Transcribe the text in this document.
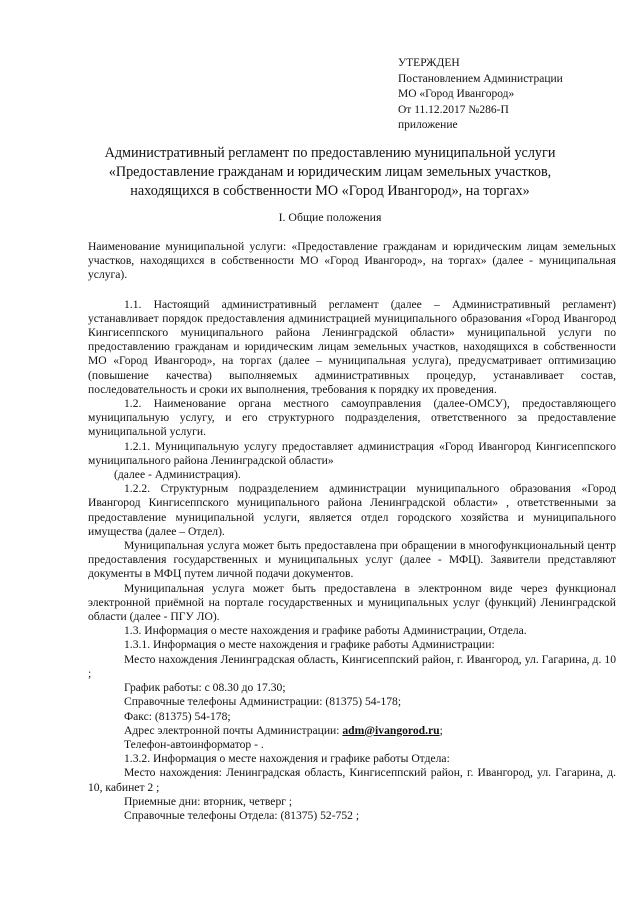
УТЕРЖДЕН
Постановлением Администрации
МО «Город Ивангород»
От 11.12.2017 №286-П
приложение
Административный регламент по предоставлению муниципальной услуги
«Предоставление гражданам и юридическим лицам земельных участков,
находящихся в собственности МО «Город Ивангород», на торгах»
I. Общие положения

Наименование муниципальной услуги: «Предоставление гражданам и юридическим лицам земельных участков, находящихся в собственности МО «Город Ивангород», на торгах» (далее - муниципальная услуга).

1.1. Настоящий административный регламент (далее – Административный регламент) устанавливает порядок предоставления администрацией муниципального образования «Город Ивангород Кингисеппского муниципального района Ленинградской области» муниципальной услуги по предоставлению гражданам и юридическим лицам земельных участков, находящихся в собственности МО «Город Ивангород», на торгах (далее – муниципальная услуга), предусматривает оптимизацию (повышение качества) выполняемых административных процедур, устанавливает состав, последовательность и сроки их выполнения, требования к порядку их проведения.

1.2. Наименование органа местного самоуправления (далее-ОМСУ), предоставляющего муниципальную услугу, и его структурного подразделения, ответственного за предоставление муниципальной услуги.

1.2.1. Муниципальную услугу предоставляет администрация «Город Ивангород Кингисеппского муниципального района Ленинградской области»

(далее - Администрация).

1.2.2. Структурным подразделением администрации муниципального образования «Город Ивангород Кингисеппского муниципального района Ленинградской области» , ответственными за предоставление муниципальной услуги, является отдел городского хозяйства и муниципального имущества (далее – Отдел).

Муниципальная услуга может быть предоставлена при обращении в многофункциональный центр предоставления государственных и муниципальных услуг (далее - МФЦ). Заявители представляют документы в МФЦ путем личной подачи документов.

Муниципальная услуга может быть предоставлена в электронном виде через функционал электронной приёмной на портале государственных и муниципальных услуг (функций) Ленинградской области (далее - ПГУ ЛО).

1.3. Информация о месте нахождения и графике работы Администрации, Отдела.

1.3.1. Информация о месте нахождения и графике работы Администрации:

Место нахождения Ленинградская область, Кингисеппский район, г. Ивангород, ул. Гагарина, д. 10 ;

График работы: с 08.30 до 17.30;

Справочные телефоны Администрации: (81375) 54-178;

Факс: (81375) 54-178;

Адрес электронной почты Администрации: adm@ivangorod.ru;

Телефон-автоинформатор - .

1.3.2. Информация о месте нахождения и графике работы Отдела:

Место нахождения: Ленинградская область, Кингисеппский район, г. Ивангород, ул. Гагарина, д. 10, кабинет 2 ;

Приемные дни: вторник, четверг ;

Справочные телефоны Отдела: (81375) 52-752 ;
